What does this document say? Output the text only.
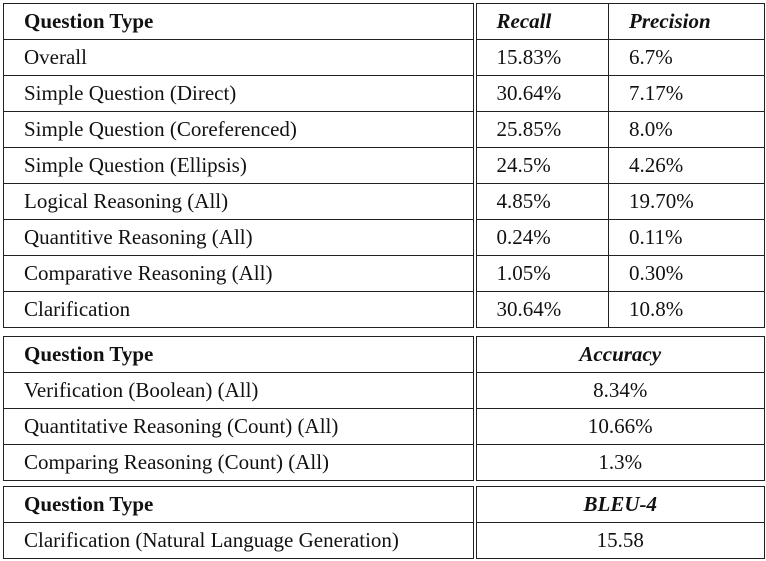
Question Type	Recall	Precision
Overall	15.83%	6.7%
Simple Question (Direct)	30.64%	7.17%
Simple Question (Coreferenced)	25.85%	8.0%
Simple Question (Ellipsis)	24.5%	4.26%
Logical Reasoning (All)	4.85%	19.70%
Quantitive Reasoning (All)	0.24%	0.11%
Comparative Reasoning (All)	1.05%	0.30%
Clarification	30.64%	10.8%
Question Type	Accuracy
Verification (Boolean) (All)	8.34%
Quantitative Reasoning (Count) (All)	10.66%
Comparing Reasoning (Count) (All)	1.3%
Question Type	BLEU-4
Clarification (Natural Language Generation)	15.58
